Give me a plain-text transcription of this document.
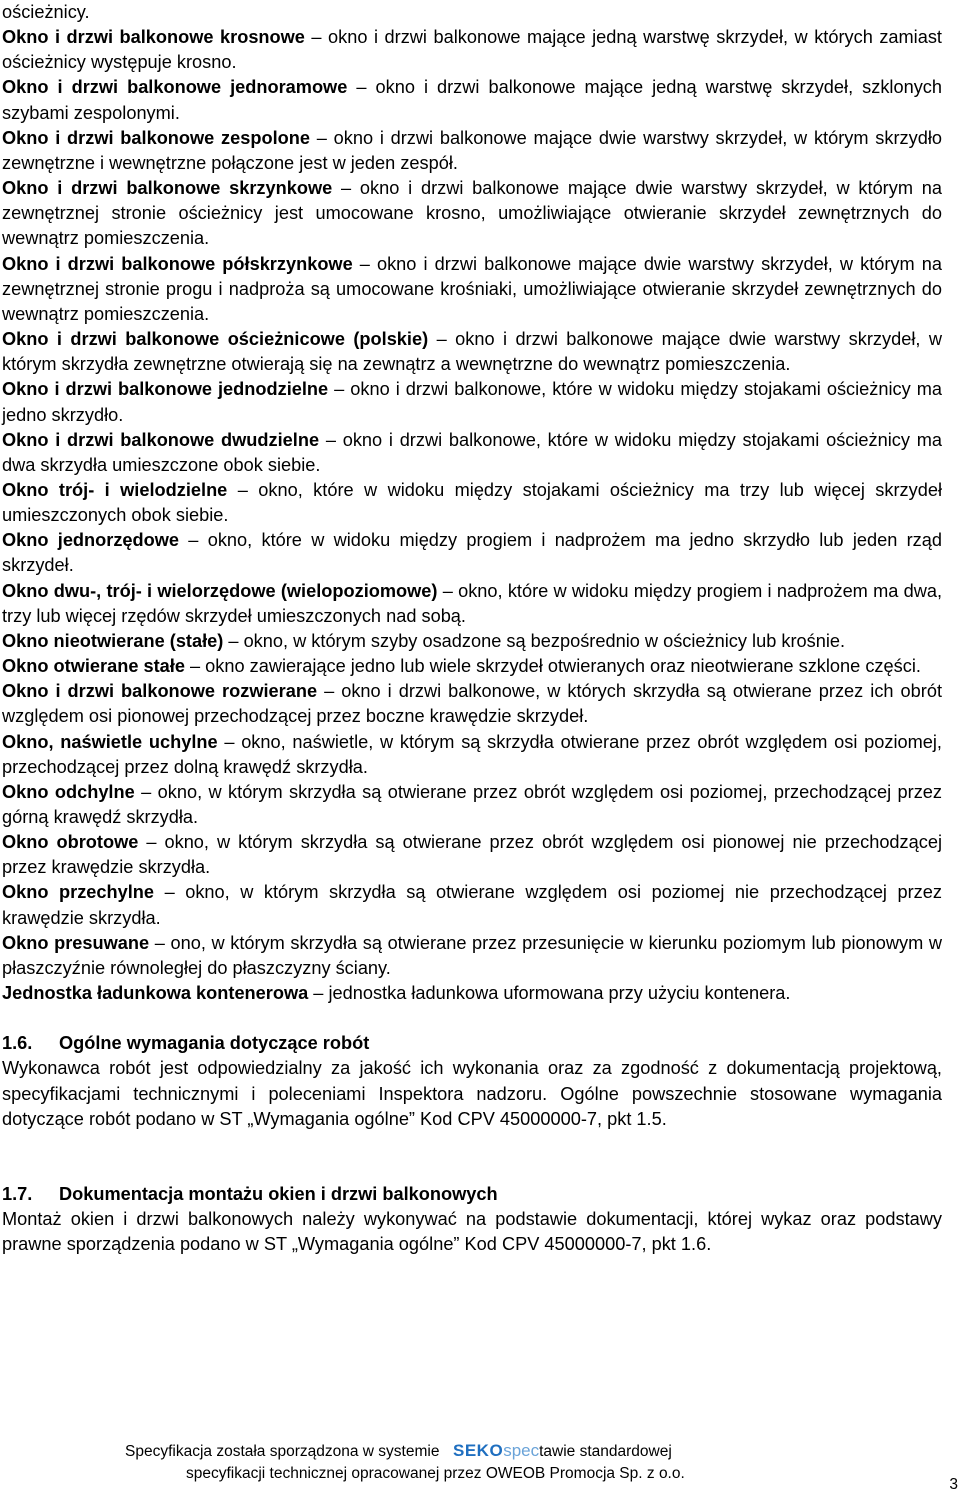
ościeżnicy.

Okno i drzwi balkonowe krosnowe – okno i drzwi balkonowe mające jedną warstwę skrzydeł, w których zamiast ościeżnicy występuje krosno.

Okno i drzwi balkonowe jednoramowe – okno i drzwi balkonowe mające jedną warstwę skrzydeł, szklonych szybami zespolonymi.

Okno i drzwi balkonowe zespolone – okno i drzwi balkonowe mające dwie warstwy skrzydeł, w którym skrzydło zewnętrzne i wewnętrzne połączone jest w jeden zespół.

Okno i drzwi balkonowe skrzynkowe – okno i drzwi balkonowe mające dwie warstwy skrzydeł, w którym na zewnętrznej stronie ościeżnicy jest umocowane krosno, umożliwiające otwieranie skrzydeł zewnętrznych do wewnątrz pomieszczenia.

Okno i drzwi balkonowe półskrzynkowe – okno i drzwi balkonowe mające dwie warstwy skrzydeł, w którym na zewnętrznej stronie progu i nadproża są umocowane krośniaki, umożliwiające otwieranie skrzydeł zewnętrznych do wewnątrz pomieszczenia.

Okno i drzwi balkonowe ościeżnicowe (polskie) – okno i drzwi balkonowe mające dwie warstwy skrzydeł, w którym skrzydła zewnętrzne otwierają się na zewnątrz a wewnętrzne do wewnątrz pomieszczenia.

Okno i drzwi balkonowe jednodzielne – okno i drzwi balkonowe, które w widoku między stojakami ościeżnicy ma jedno skrzydło.

Okno i drzwi balkonowe dwudzielne – okno i drzwi balkonowe, które w widoku między stojakami ościeżnicy ma dwa skrzydła umieszczone obok siebie.

Okno trój- i wielodzielne – okno, które w widoku między stojakami ościeżnicy ma trzy lub więcej skrzydeł umieszczonych obok siebie.

Okno jednorzędowe – okno, które w widoku między progiem i nadprożem ma jedno skrzydło lub jeden rząd skrzydeł.

Okno dwu-, trój- i wielorzędowe (wielopoziomowe) – okno, które w widoku między progiem i nadprożem ma dwa, trzy lub więcej rzędów skrzydeł umieszczonych nad sobą.

Okno nieotwierane (stałe) – okno, w którym szyby osadzone są bezpośrednio w ościeżnicy lub krośnie.

Okno otwierane stałe – okno zawierające jedno lub wiele skrzydeł otwieranych oraz nieotwierane szklone części.

Okno i drzwi balkonowe rozwierane – okno i drzwi balkonowe, w których skrzydła są otwierane przez ich obrót względem osi pionowej przechodzącej przez boczne krawędzie skrzydeł.

Okno, naświetle uchylne – okno, naświetle, w którym są skrzydła otwierane przez obrót względem osi poziomej, przechodzącej przez dolną krawędź skrzydła.

Okno odchylne – okno, w którym skrzydła są otwierane przez obrót względem osi poziomej, przechodzącej przez górną krawędź skrzydła.

Okno obrotowe – okno, w którym skrzydła są otwierane przez obrót względem osi pionowej nie przechodzącej przez krawędzie skrzydła.

Okno przechylne – okno, w którym skrzydła są otwierane względem osi poziomej nie przechodzącej przez krawędzie skrzydła.

Okno presuwane – ono, w którym skrzydła są otwierane przez przesunięcie w kierunku poziomym lub pionowym w płaszczyźnie równoległej do płaszczyzny ściany.

Jednostka ładunkowa kontenerowa – jednostka ładunkowa uformowana przy użyciu kontenera.

1.6. Ogólne wymagania dotyczące robót

Wykonawca robót jest odpowiedzialny za jakość ich wykonania oraz za zgodność z dokumentacją projektową, specyfikacjami technicznymi i poleceniami Inspektora nadzoru. Ogólne powszechnie stosowane wymagania dotyczące robót podano w ST „Wymagania ogólne” Kod CPV 45000000-7, pkt 1.5.

1.7. Dokumentacja montażu okien i drzwi balkonowych

Montaż okien i drzwi balkonowych należy wykonywać na podstawie dokumentacji, której wykaz oraz podstawy prawne sporządzenia podano w ST „Wymagania ogólne” Kod CPV 45000000-7, pkt 1.6.

Specyfikacja została sporządzona w systemie SEKOspectawie standardowej
specyfikacji technicznej opracowanej przez OWEOB Promocja Sp. z o.o.
3
